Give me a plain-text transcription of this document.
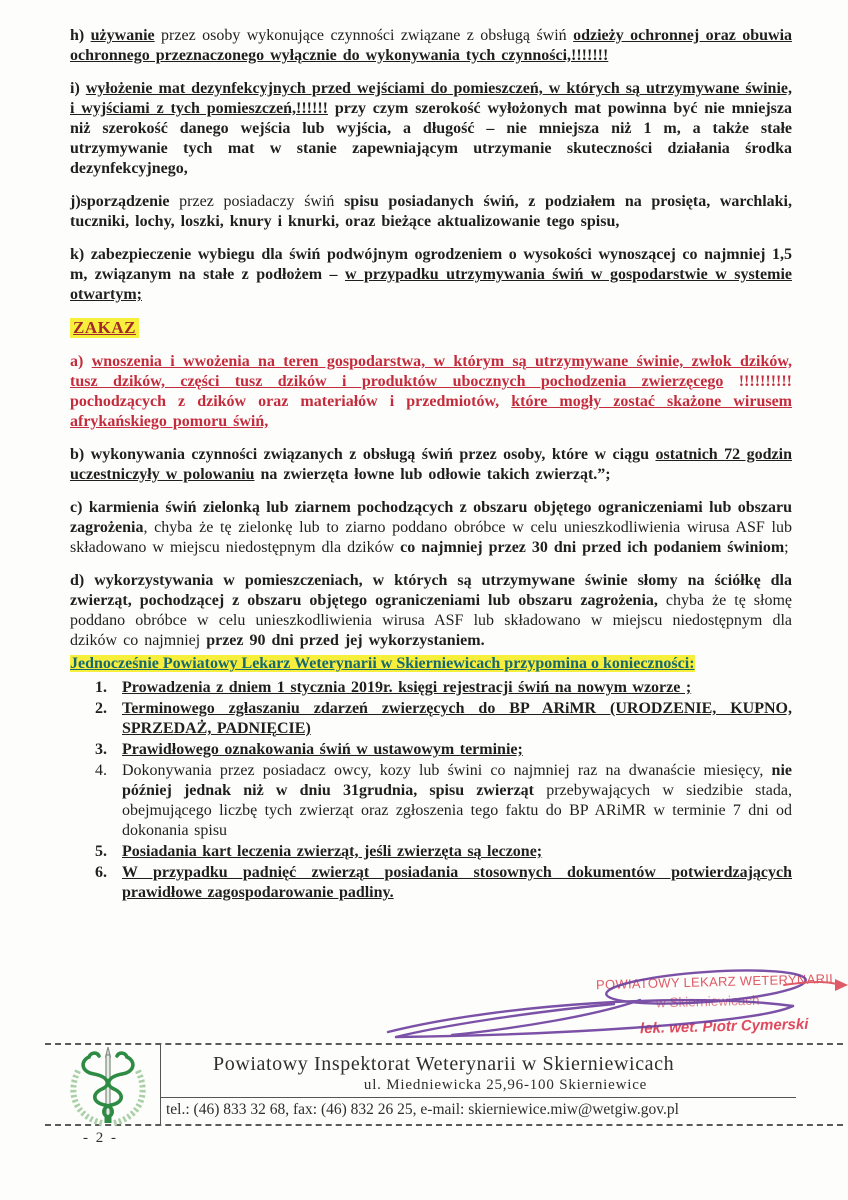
h) używanie przez osoby wykonujące czynności związane z obsługą świń odzieży ochronnej oraz obuwia ochronnego przeznaczonego wyłącznie do wykonywania tych czynności,!!!!!!!

i) wyłożenie mat dezynfekcyjnych przed wejściami do pomieszczeń, w których są utrzymywane świnie, i wyjściami z tych pomieszczeń,!!!!!! przy czym szerokość wyłożonych mat powinna być nie mniejsza niż szerokość danego wejścia lub wyjścia, a długość – nie mniejsza niż 1 m, a także stałe utrzymywanie tych mat w stanie zapewniającym utrzymanie skuteczności działania środka dezynfekcyjnego,

j)sporządzenie przez posiadaczy świń spisu posiadanych świń, z podziałem na prosięta, warchlaki, tuczniki, lochy, loszki, knury i knurki, oraz bieżące aktualizowanie tego spisu,

k) zabezpieczenie wybiegu dla świń podwójnym ogrodzeniem o wysokości wynoszącej co najmniej 1,5 m, związanym na stałe z podłożem – w przypadku utrzymywania świń w gospodarstwie w systemie otwartym;

ZAKAZ

a) wnoszenia i wwożenia na teren gospodarstwa, w którym są utrzymywane świnie, zwłok dzików, tusz dzików, części tusz dzików i produktów ubocznych pochodzenia zwierzęcego !!!!!!!!!! pochodzących z dzików oraz materiałów i przedmiotów, które mogły zostać skażone wirusem afrykańskiego pomoru świń,

b) wykonywania czynności związanych z obsługą świń przez osoby, które w ciągu ostatnich 72 godzin uczestniczyły w polowaniu na zwierzęta łowne lub odłowie takich zwierząt.”;

c) karmienia świń zielonką lub ziarnem pochodzących z obszaru objętego ograniczeniami lub obszaru zagrożenia, chyba że tę zielonkę lub to ziarno poddano obróbce w celu unieszkodliwienia wirusa ASF lub składowano w miejscu niedostępnym dla dzików co najmniej przez 30 dni przed ich podaniem świniom;

d) wykorzystywania w pomieszczeniach, w których są utrzymywane świnie słomy na ściółkę dla zwierząt, pochodzącej z obszaru objętego ograniczeniami lub obszaru zagrożenia, chyba że tę słomę poddano obróbce w celu unieszkodliwienia wirusa ASF lub składowano w miejscu niedostępnym dla dzików co najmniej przez 90 dni przed jej wykorzystaniem.

Jednocześnie Powiatowy Lekarz Weterynarii w Skierniewicach przypomina o konieczności:

1. Prowadzenia z dniem 1 stycznia 2019r. księgi rejestracji świń na nowym wzorze ;
2. Terminowego zgłaszaniu zdarzeń zwierzęcych do BP ARiMR (URODZENIE, KUPNO, SPRZEDAŻ, PADNIĘCIE)
3. Prawidłowego oznakowania świń w ustawowym terminie;
4. Dokonywania przez posiadacz owcy, kozy lub świni co najmniej raz na dwanaście miesięcy, nie później jednak niż w dniu 31grudnia, spisu zwierząt przebywających w siedzibie stada, obejmującego liczbę tych zwierząt oraz zgłoszenia tego faktu do BP ARiMR w terminie 7 dni od dokonania spisu
5. Posiadania kart leczenia zwierząt, jeśli zwierzęta są leczone;
6. W przypadku padnięć zwierząt posiadania stosownych dokumentów potwierdzających prawidłowe zagospodarowanie padliny.
POWIATOWY LEKARZ WETERYNARII
w Skierniewicach
lek. wet. Piotr Cymerski
Powiatowy Inspektorat Weterynarii w Skierniewicach
ul. Miedniewicka 25,96-100 Skierniewice
tel.: (46) 833 32 68, fax: (46) 832 26 25, e-mail: skierniewice.miw@wetgiw.gov.pl
- 2 -
